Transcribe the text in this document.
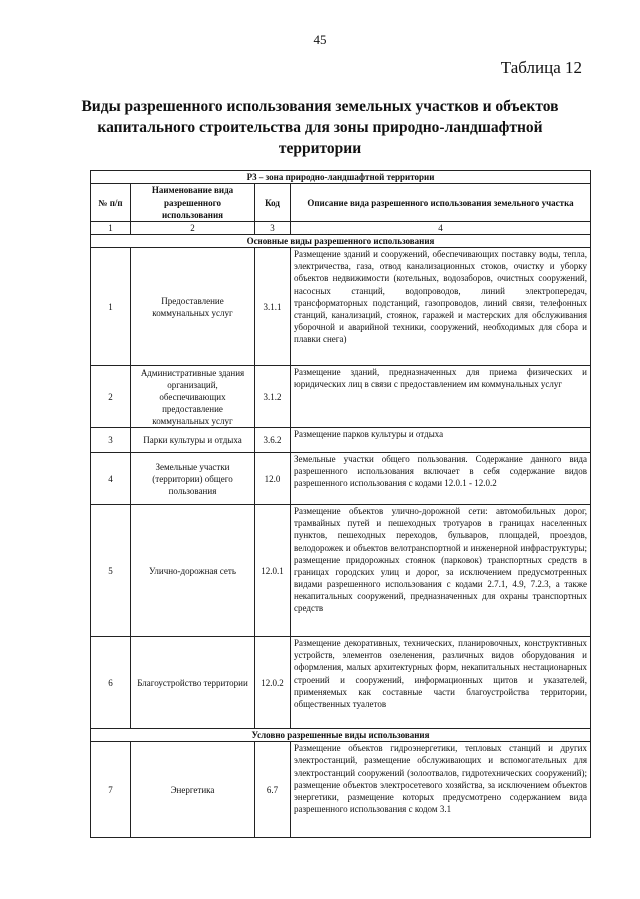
45
Таблица 12
Виды разрешенного использования земельных участков и объектов капитального строительства для зоны природно-ландшафтной территории
Р3 – зона природно-ландшафтной территории			
№ п/п	Наименование вида разрешенного использования	Код	Описание вида разрешенного использования земельного участка
1	2	3	4
Основные виды разрешенного использования			
1	Предоставление коммунальных услуг	3.1.1	Размещение зданий и сооружений, обеспечивающих поставку воды, тепла, электричества, газа, отвод канализационных стоков, очистку и уборку объектов недвижимости (котельных, водозаборов, очистных сооружений, насосных станций, водопроводов, линий электропередач, трансформаторных подстанций, газопроводов, линий связи, телефонных станций, канализаций, стоянок, гаражей и мастерских для обслуживания уборочной и аварийной техники, сооружений, необходимых для сбора и плавки снега)
2	Административные здания организаций, обеспечивающих предоставление коммунальных услуг	3.1.2	Размещение зданий, предназначенных для приема физических и юридических лиц в связи с предоставлением им коммунальных услуг
3	Парки культуры и отдыха	3.6.2	Размещение парков культуры и отдыха
4	Земельные участки (территории) общего пользования	12.0	Земельные участки общего пользования. Содержание данного вида разрешенного использования включает в себя содержание видов разрешенного использования с кодами 12.0.1 - 12.0.2
5	Улично-дорожная сеть	12.0.1	Размещение объектов улично-дорожной сети: автомобильных дорог, трамвайных путей и пешеходных тротуаров в границах населенных пунктов, пешеходных переходов, бульваров, площадей, проездов, велодорожек и объектов велотранспортной и инженерной инфраструктуры; размещение придорожных стоянок (парковок) транспортных средств в границах городских улиц и дорог, за исключением предусмотренных видами разрешенного использования с кодами 2.7.1, 4.9, 7.2.3, а также некапитальных сооружений, предназначенных для охраны транспортных средств
6	Благоустройство территории	12.0.2	Размещение декоративных, технических, планировочных, конструктивных устройств, элементов озеленения, различных видов оборудования и оформления, малых архитектурных форм, некапитальных нестационарных строений и сооружений, информационных щитов и указателей, применяемых как составные части благоустройства территории, общественных туалетов
Условно разрешенные виды использования			
7	Энергетика	6.7	Размещение объектов гидроэнергетики, тепловых станций и других электростанций, размещение обслуживающих и вспомогательных для электростанций сооружений (золоотвалов, гидротехнических сооружений); размещение объектов электросетевого хозяйства, за исключением объектов энергетики, размещение которых предусмотрено содержанием вида разрешенного использования с кодом 3.1
